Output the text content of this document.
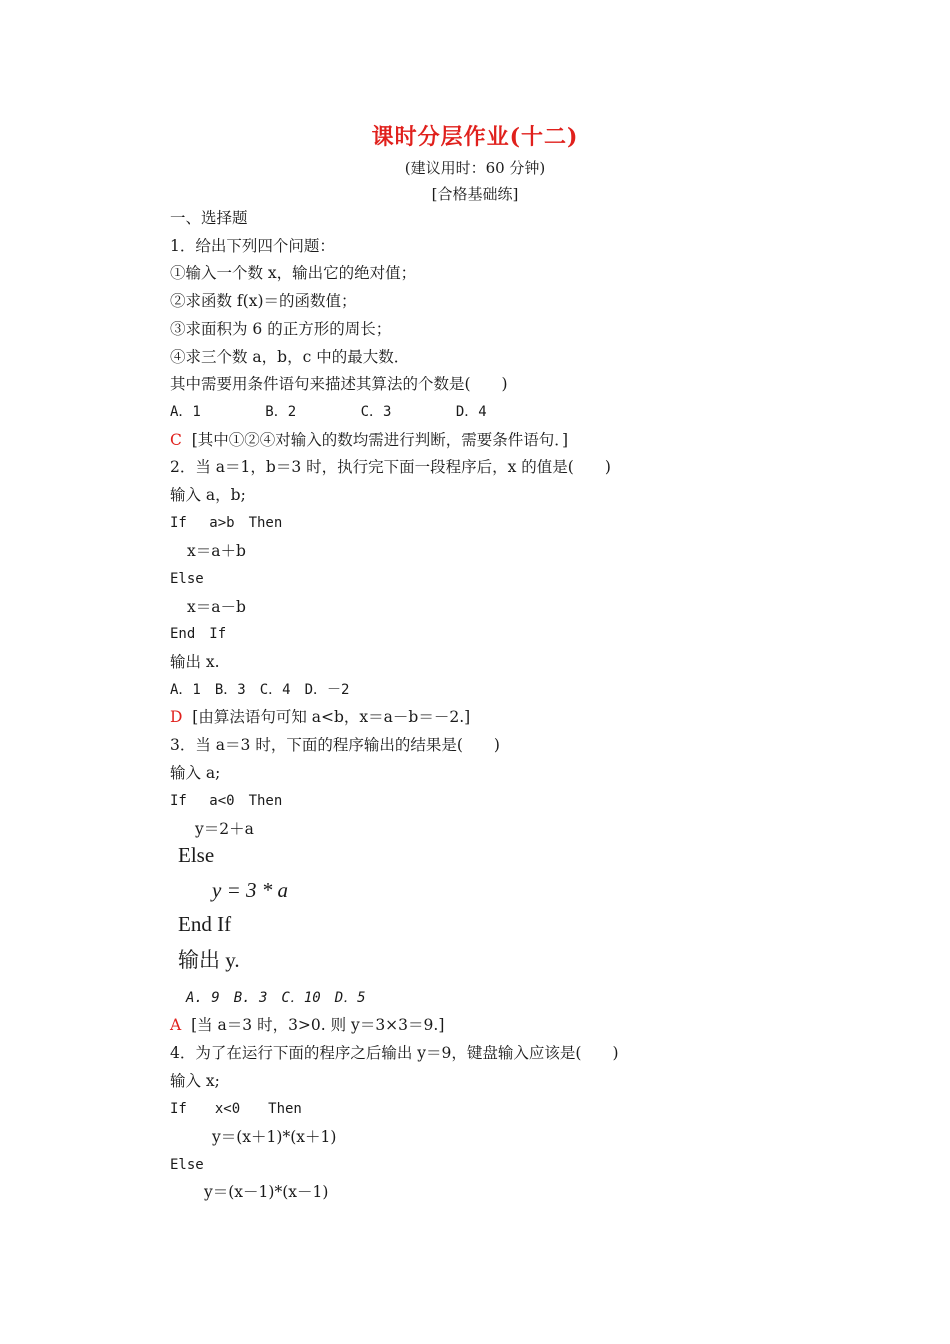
课时分层作业(十二)
(建议用时：60 分钟)
[合格基础练]
一、选择题
1．给出下列四个问题：
①输入一个数 x，输出它的绝对值；
②求函数 f(x)＝的函数值；
③求面积为 6 的正方形的周长；
④求三个数 a，b，c 中的最大数．
其中需要用条件语句来描述其算法的个数是(　　)
A．1　　　　 B．2　　　　 C．3　　　　 D．4
C [其中①②④对输入的数均需进行判断，需要条件语句．]
2．当 a＝1，b＝3 时，执行完下面一段程序后，x 的值是(　　)
输入 a，b;
If　 a>b　Then
x＝a＋b
Else
x＝a－b
End　If
输出 x.
A．1　B．3　C．4　D．－2
D [由算法语句可知 a<b，x＝a－b＝－2.]
3．当 a＝3 时，下面的程序输出的结果是(　　)
输入 a;
If　 a<0　Then
y＝2＋a
Else
y = 3 * a
End If
输出 y.
A. 9　B. 3　C．10　D．5
A [当 a＝3 时，3>0. 则 y＝3×3＝9.]
4．为了在运行下面的程序之后输出 y＝9，键盘输入应该是(　　)
输入 x;
If　　x<0　　Then
y＝(x＋1)*(x＋1)
Else
y＝(x－1)*(x－1)
